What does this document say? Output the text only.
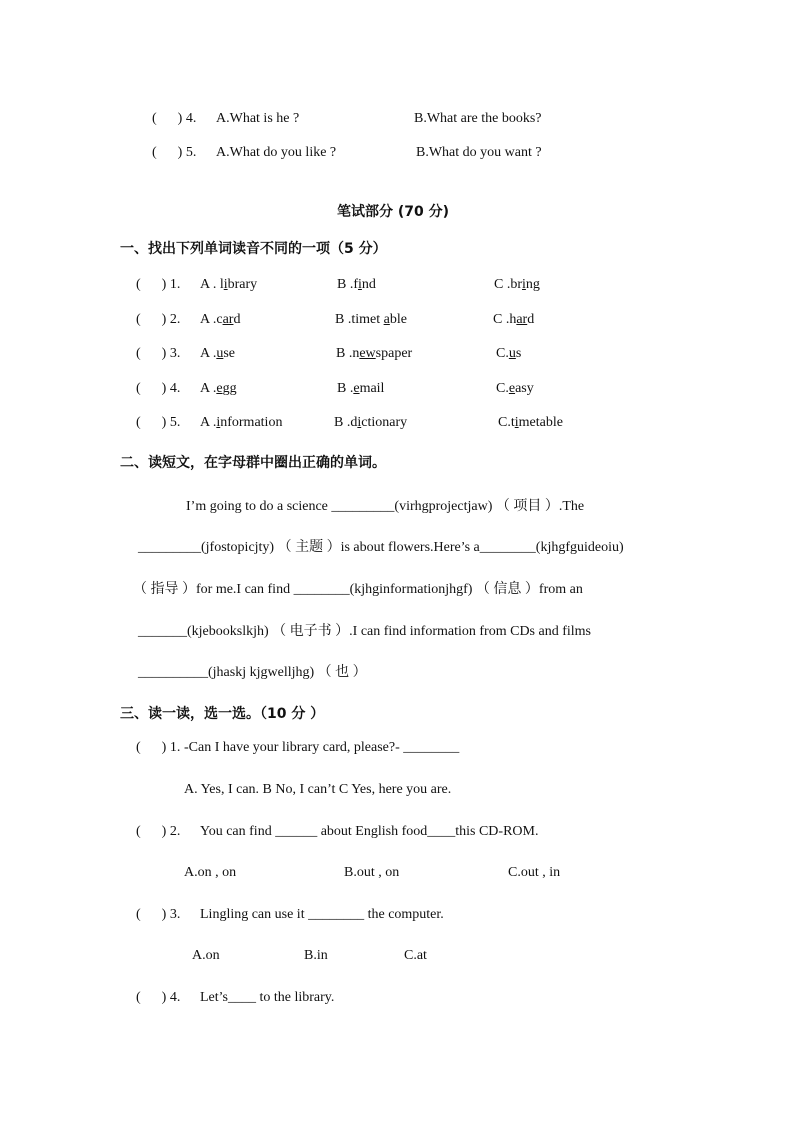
(      ) 4. A.What is he ?	B.What are the books?
(      ) 5. A.What do you like ?	B.What do you want ?
笔试部分 (70 分)
一、找出下列单词读音不同的一项（5 分）
(      ) 1. A . library	B .find	C .bring
(      ) 2. A .card	B .timet able	C .hard
(      ) 3. A .use	B .newspaper	C.us
(      ) 4. A .egg	B .email	C.easy
(      ) 5. A .information	B .dictionary	C.timetable
二、读短文，在字母群中圈出正确的单词。
I’m going to do a science _________(virhgprojectjaw) （ 项目 ）.The
_________(jfostopicjty) （ 主题 ）is about flowers.Here’s a________(kjhgfguideoiu)
（ 指导 ）for me.I can find ________(kjhginformationjhgf) （ 信息 ）from an
_______(kjebookslkjh) （ 电子书 ）.I can find information from CDs and films
__________(jhaskj kjgwelljhg) （ 也 ）
三、读一读，选一选。（10 分 ）
(      ) 1. -Can I have your library card, please?- ________
A. Yes, I can. B No, I can’t C Yes, here you are.
(      ) 2. You can find ______ about English food____this CD-ROM.
A.on , on	B.out , on	C.out , in
(      ) 3. Lingling can use it ________ the computer.
A.on	B.in	C.at
(      ) 4. Let’s____ to the library.
